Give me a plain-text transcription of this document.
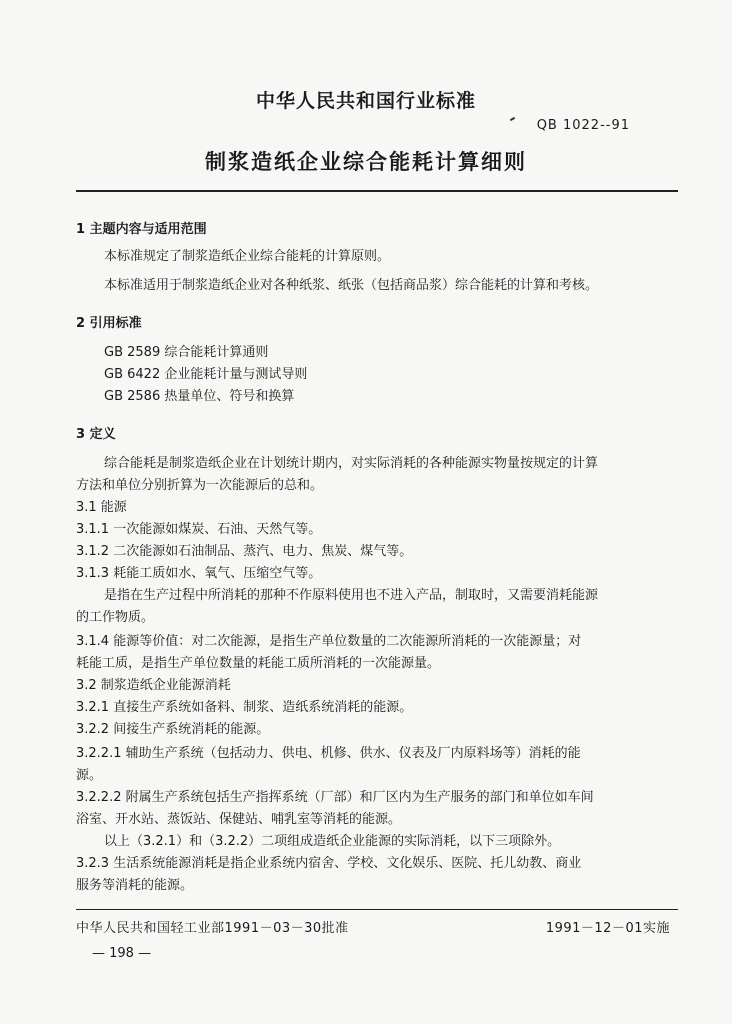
中华人民共和国行业标准
QB 1022--91
制浆造纸企业综合能耗计算细则
1 主题内容与适用范围
本标准规定了制浆造纸企业综合能耗的计算原则。
本标准适用于制浆造纸企业对各种纸浆、纸张（包括商品浆）综合能耗的计算和考核。
2 引用标准
GB 2589 综合能耗计算通则
GB 6422 企业能耗计量与测试导则
GB 2586 热量单位、符号和换算
3 定义
综合能耗是制浆造纸企业在计划统计期内，对实际消耗的各种能源实物量按规定的计算
方法和单位分别折算为一次能源后的总和。
3.1 能源
3.1.1 一次能源如煤炭、石油、天然气等。
3.1.2 二次能源如石油制品、蒸汽、电力、焦炭、煤气等。
3.1.3 耗能工质如水、氧气、压缩空气等。
是指在生产过程中所消耗的那种不作原料使用也不进入产品，制取时，又需要消耗能源
的工作物质。
3.1.4 能源等价值：对二次能源，是指生产单位数量的二次能源所消耗的一次能源量；对
耗能工质，是指生产单位数量的耗能工质所消耗的一次能源量。
3.2 制浆造纸企业能源消耗
3.2.1 直接生产系统如备料、制浆、造纸系统消耗的能源。
3.2.2 间接生产系统消耗的能源。
3.2.2.1 辅助生产系统（包括动力、供电、机修、供水、仪表及厂内原料场等）消耗的能
源。
3.2.2.2 附属生产系统包括生产指挥系统（厂部）和厂区内为生产服务的部门和单位如车间
浴室、开水站、蒸饭站、保健站、哺乳室等消耗的能源。
以上（3.2.1）和（3.2.2）二项组成造纸企业能源的实际消耗，以下三项除外。
3.2.3 生活系统能源消耗是指企业系统内宿舍、学校、文化娱乐、医院、托儿幼教、商业
服务等消耗的能源。
中华人民共和国轻工业部1991－03－30批准	1991－12－01实施
— 198 —
